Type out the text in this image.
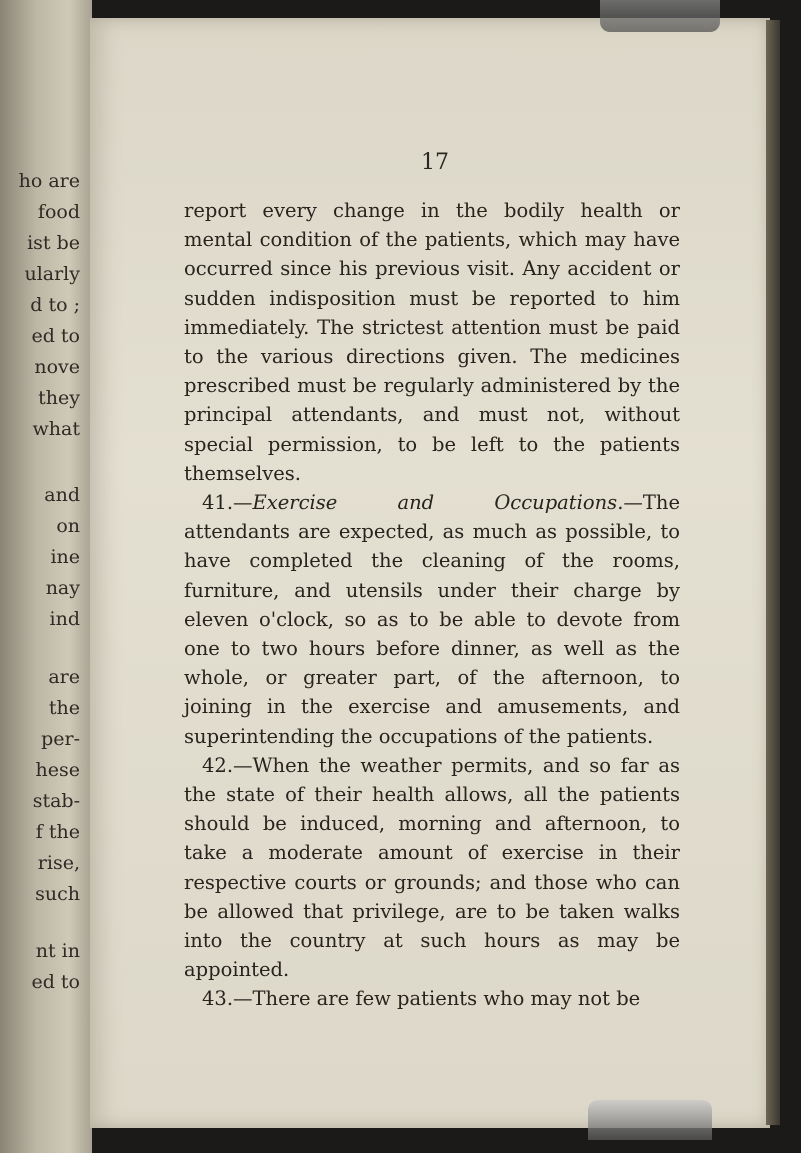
ho are
food
ist be
ularly
d to ;
ed to
nove
they
what
and
on
ine
nay
ind
are
the
per-
hese
stab-
f the
rise,
such
nt in
ed to
17

report every change in the bodily health or mental condition of the patients, which may have occurred since his previous visit. Any accident or sudden indisposition must be reported to him immediately. The strictest attention must be paid to the various directions given. The medicines prescribed must be regularly administered by the principal attendants, and must not, without special permission, to be left to the patients themselves.

41.—Exercise and Occupations.—The attendants are expected, as much as possible, to have completed the cleaning of the rooms, furniture, and utensils under their charge by eleven o'clock, so as to be able to devote from one to two hours before dinner, as well as the whole, or greater part, of the afternoon, to joining in the exercise and amusements, and superintending the occupations of the patients.

42.—When the weather permits, and so far as the state of their health allows, all the patients should be induced, morning and afternoon, to take a moderate amount of exercise in their respective courts or grounds; and those who can be allowed that privilege, are to be taken walks into the country at such hours as may be appointed.

43.—There are few patients who may not be
